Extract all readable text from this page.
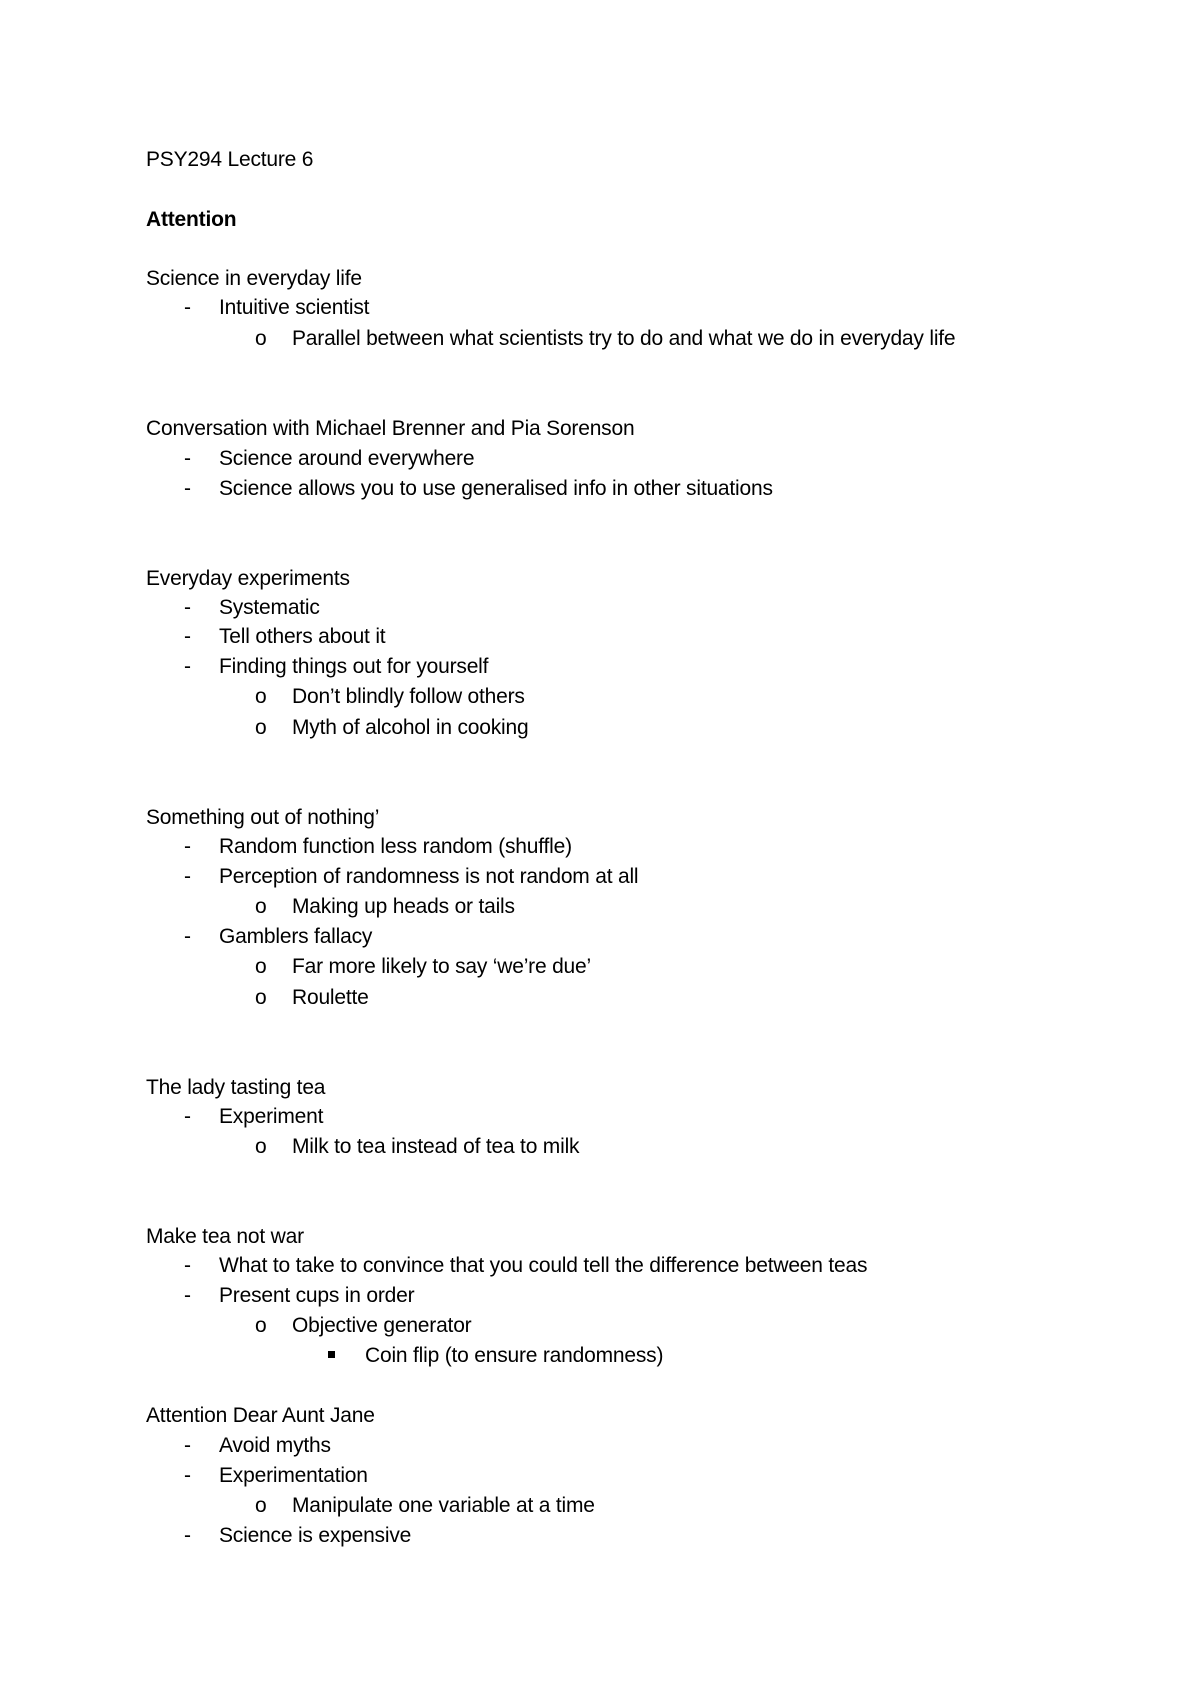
PSY294 Lecture 6
Attention
Science in everyday life
- Intuitive scientist
o Parallel between what scientists try to do and what we do in everyday life
Conversation with Michael Brenner and Pia Sorenson
- Science around everywhere
- Science allows you to use generalised info in other situations
Everyday experiments
- Systematic
- Tell others about it
- Finding things out for yourself
o Don’t blindly follow others
o Myth of alcohol in cooking
Something out of nothing’
- Random function less random (shuffle)
- Perception of randomness is not random at all
o Making up heads or tails
- Gamblers fallacy
o Far more likely to say ‘we’re due’
o Roulette
The lady tasting tea
- Experiment
o Milk to tea instead of tea to milk
Make tea not war
- What to take to convince that you could tell the difference between teas
- Present cups in order
o Objective generator
Coin flip (to ensure randomness)
Attention Dear Aunt Jane
- Avoid myths
- Experimentation
o Manipulate one variable at a time
- Science is expensive
